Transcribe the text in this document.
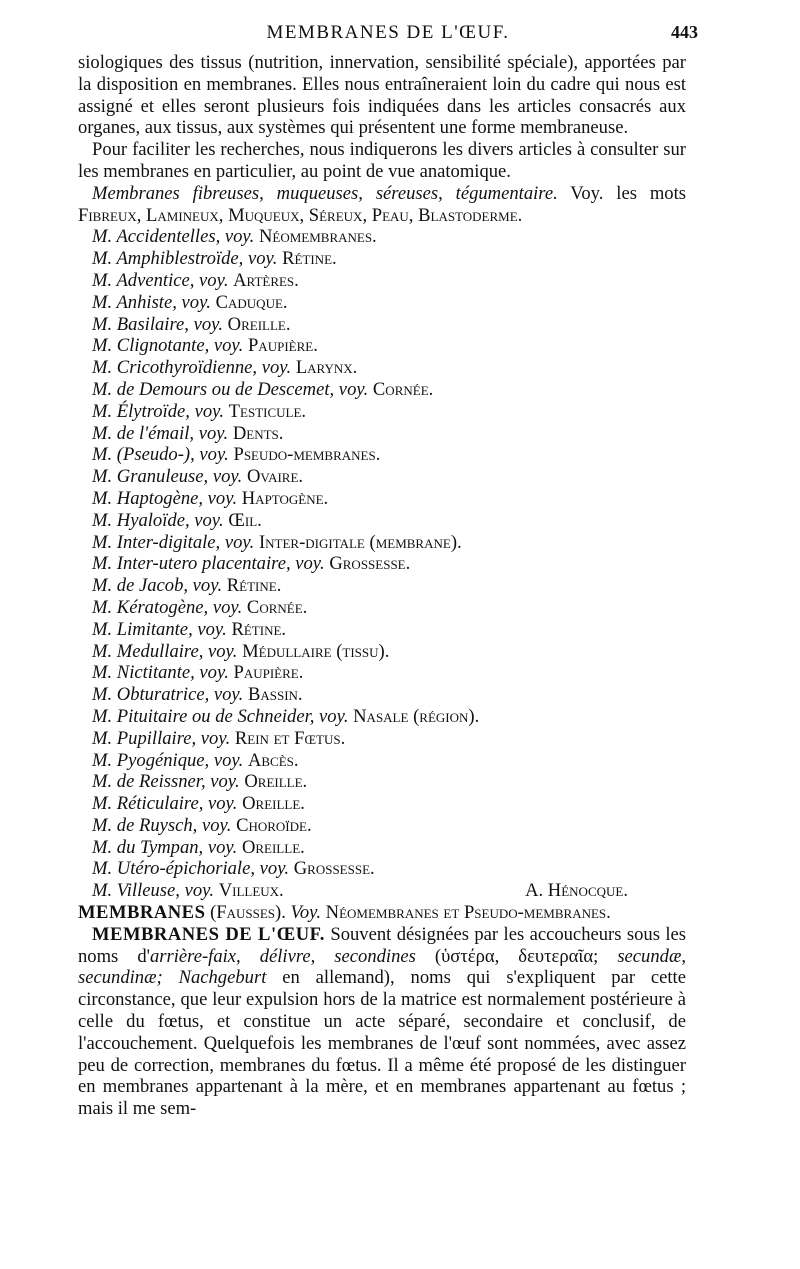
MEMBRANES DE L'ŒUF.	443

siologiques des tissus (nutrition, innervation, sensibilité spéciale), apportées par la disposition en membranes. Elles nous entraîneraient loin du cadre qui nous est assigné et elles seront plusieurs fois indiquées dans les articles consacrés aux organes, aux tissus, aux systèmes qui présentent une forme membraneuse.

Pour faciliter les recherches, nous indiquerons les divers articles à consulter sur les membranes en particulier, au point de vue anatomique.

Membranes fibreuses, muqueuses, séreuses, tégumentaire. Voy. les mots Fibreux, Lamineux, Muqueux, Séreux, Peau, Blastoderme.

M. Accidentelles, voy. Néomembranes.
M. Amphiblestroïde, voy. Rétine.
M. Adventice, voy. Artères.
M. Anhiste, voy. Caduque.
M. Basilaire, voy. Oreille.
M. Clignotante, voy. Paupière.
M. Cricothyroïdienne, voy. Larynx.
M. de Demours ou de Descemet, voy. Cornée.
M. Élytroïde, voy. Testicule.
M. de l'émail, voy. Dents.
M. (Pseudo-), voy. Pseudo-membranes.
M. Granuleuse, voy. Ovaire.
M. Haptogène, voy. Haptogène.
M. Hyaloïde, voy. Œil.
M. Inter-digitale, voy. Inter-digitale (membrane).
M. Inter-utero placentaire, voy. Grossesse.
M. de Jacob, voy. Rétine.
M. Kératogène, voy. Cornée.
M. Limitante, voy. Rétine.
M. Medullaire, voy. Médullaire (tissu).
M. Nictitante, voy. Paupière.
M. Obturatrice, voy. Bassin.
M. Pituitaire ou de Schneider, voy. Nasale (région).
M. Pupillaire, voy. Rein et Fœtus.
M. Pyogénique, voy. Abcès.
M. de Reissner, voy. Oreille.
M. Réticulaire, voy. Oreille.
M. de Ruysch, voy. Choroïde.
M. du Tympan, voy. Oreille.
M. Utéro-épichoriale, voy. Grossesse.
M. Villeuse, voy. Villeux.	A. Hénocque.

MEMBRANES (Fausses). Voy. Néomembranes et Pseudo-membranes.

MEMBRANES DE L'ŒUF. Souvent désignées par les accoucheurs sous les noms d'arrière-faix, délivre, secondines (ὑστέρα, δευτεραῖα; secundæ, secundinæ; Nachgeburt en allemand), noms qui s'expliquent par cette circonstance, que leur expulsion hors de la matrice est normalement postérieure à celle du fœtus, et constitue un acte séparé, secondaire et conclusif, de l'accouchement. Quelquefois les membranes de l'œuf sont nommées, avec assez peu de correction, membranes du fœtus. Il a même été proposé de les distinguer en membranes appartenant à la mère, et en membranes appartenant au fœtus ; mais il me sem-
